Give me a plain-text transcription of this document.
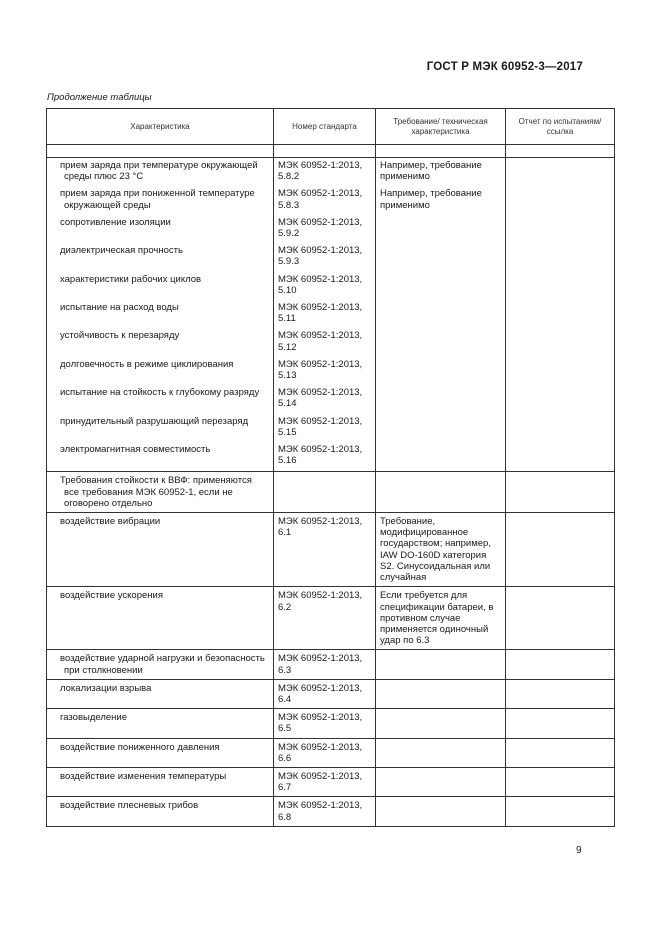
ГОСТ Р МЭК 60952-3—2017
Продолжение таблицы
Характеристика	Номер стандарта	Требование/ техническая характеристика	Отчет по испытаниям/ ссылка

прием заряда при температуре окружающей среды плюс 23 °С	МЭК 60952-1:2013, 5.8.2	Например, требование применимо	
прием заряда при пониженной температуре окружающей среды	МЭК 60952-1:2013, 5.8.3	Например, требование применимо	
сопротивление изоляции	МЭК 60952-1:2013, 5.9.2		
диэлектрическая прочность	МЭК 60952-1:2013, 5.9.3		
характеристики рабочих циклов	МЭК 60952-1:2013, 5.10		
испытание на расход воды	МЭК 60952-1:2013, 5.11		
устойчивость к перезаряду	МЭК 60952-1:2013, 5.12		
долговечность в режиме циклирования	МЭК 60952-1:2013, 5.13		
испытание на стойкость к глубокому разряду	МЭК 60952-1:2013, 5.14		
принудительный разрушающий перезаряд	МЭК 60952-1:2013, 5.15		
электромагнитная совместимость	МЭК 60952-1:2013, 5.16		
Требования стойкости к ВВФ: применяются все требования МЭК 60952-1, если не оговорено отдельно			
воздействие вибрации	МЭК 60952-1:2013, 6.1	Требование, модифицированное государством; например, IAW DO-160D категория S2. Синусоидальная или случайная	
воздействие ускорения	МЭК 60952-1:2013, 6.2	Если требуется для спецификации батареи, в противном случае применяется одиночный удар по 6.3	
воздействие ударной нагрузки и безопасность при столкновении	МЭК 60952-1:2013, 6.3		
локализации взрыва	МЭК 60952-1:2013, 6.4		
газовыделение	МЭК 60952-1:2013, 6.5		
воздействие пониженного давления	МЭК 60952-1:2013, 6.6		
воздействие изменения температуры	МЭК 60952-1:2013, 6.7		
воздействие плесневых грибов	МЭК 60952-1:2013, 6.8		
9
